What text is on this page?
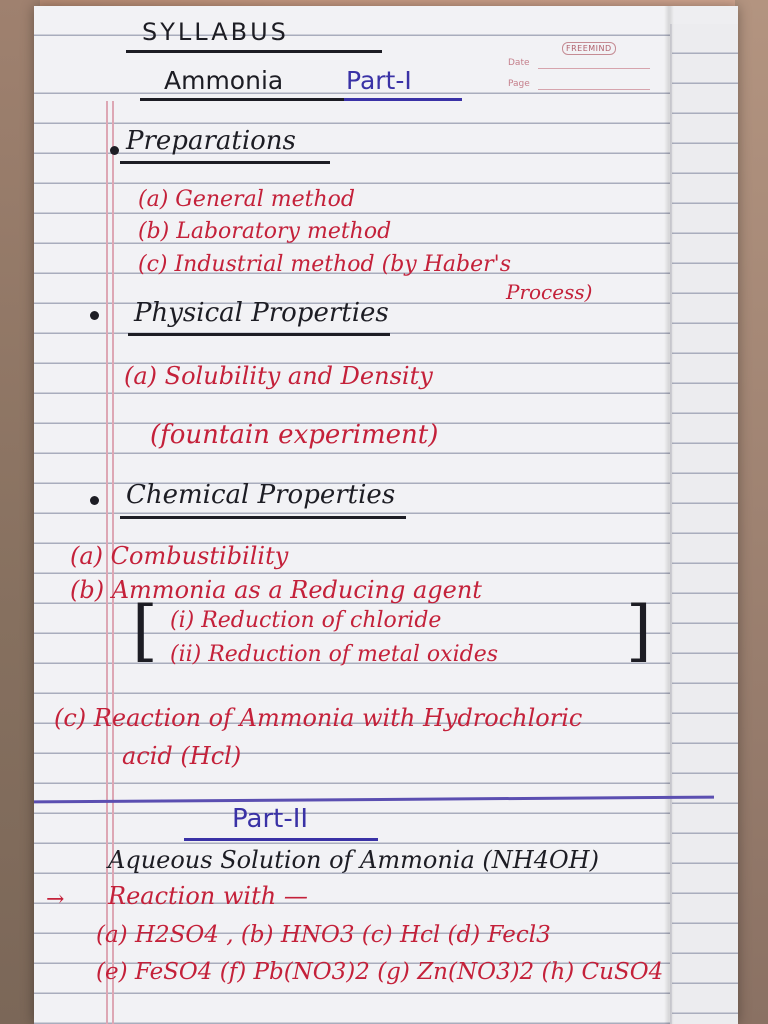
FREEMIND
Date
Page
SYLLABUS
Ammonia	Part-I
Preparations
(a) General method
(b) Laboratory method
(c) Industrial method (by Haber's
Process)
Physical Properties
(a) Solubility and Density
(fountain experiment)
Chemical Properties
(a) Combustibility
(b) Ammonia as a Reducing agent
[ (i) Reduction of chloride
(ii) Reduction of metal oxides ]
(c) Reaction of Ammonia with Hydrochloric
acid (Hcl)
Part-II
Aqueous Solution of Ammonia (NH4OH)
→ Reaction with —
(a) H2SO4 , (b) HNO3 (c) Hcl (d) Fecl3
(e) FeSO4 (f) Pb(NO3)2 (g) Zn(NO3)2 (h) CuSO4
